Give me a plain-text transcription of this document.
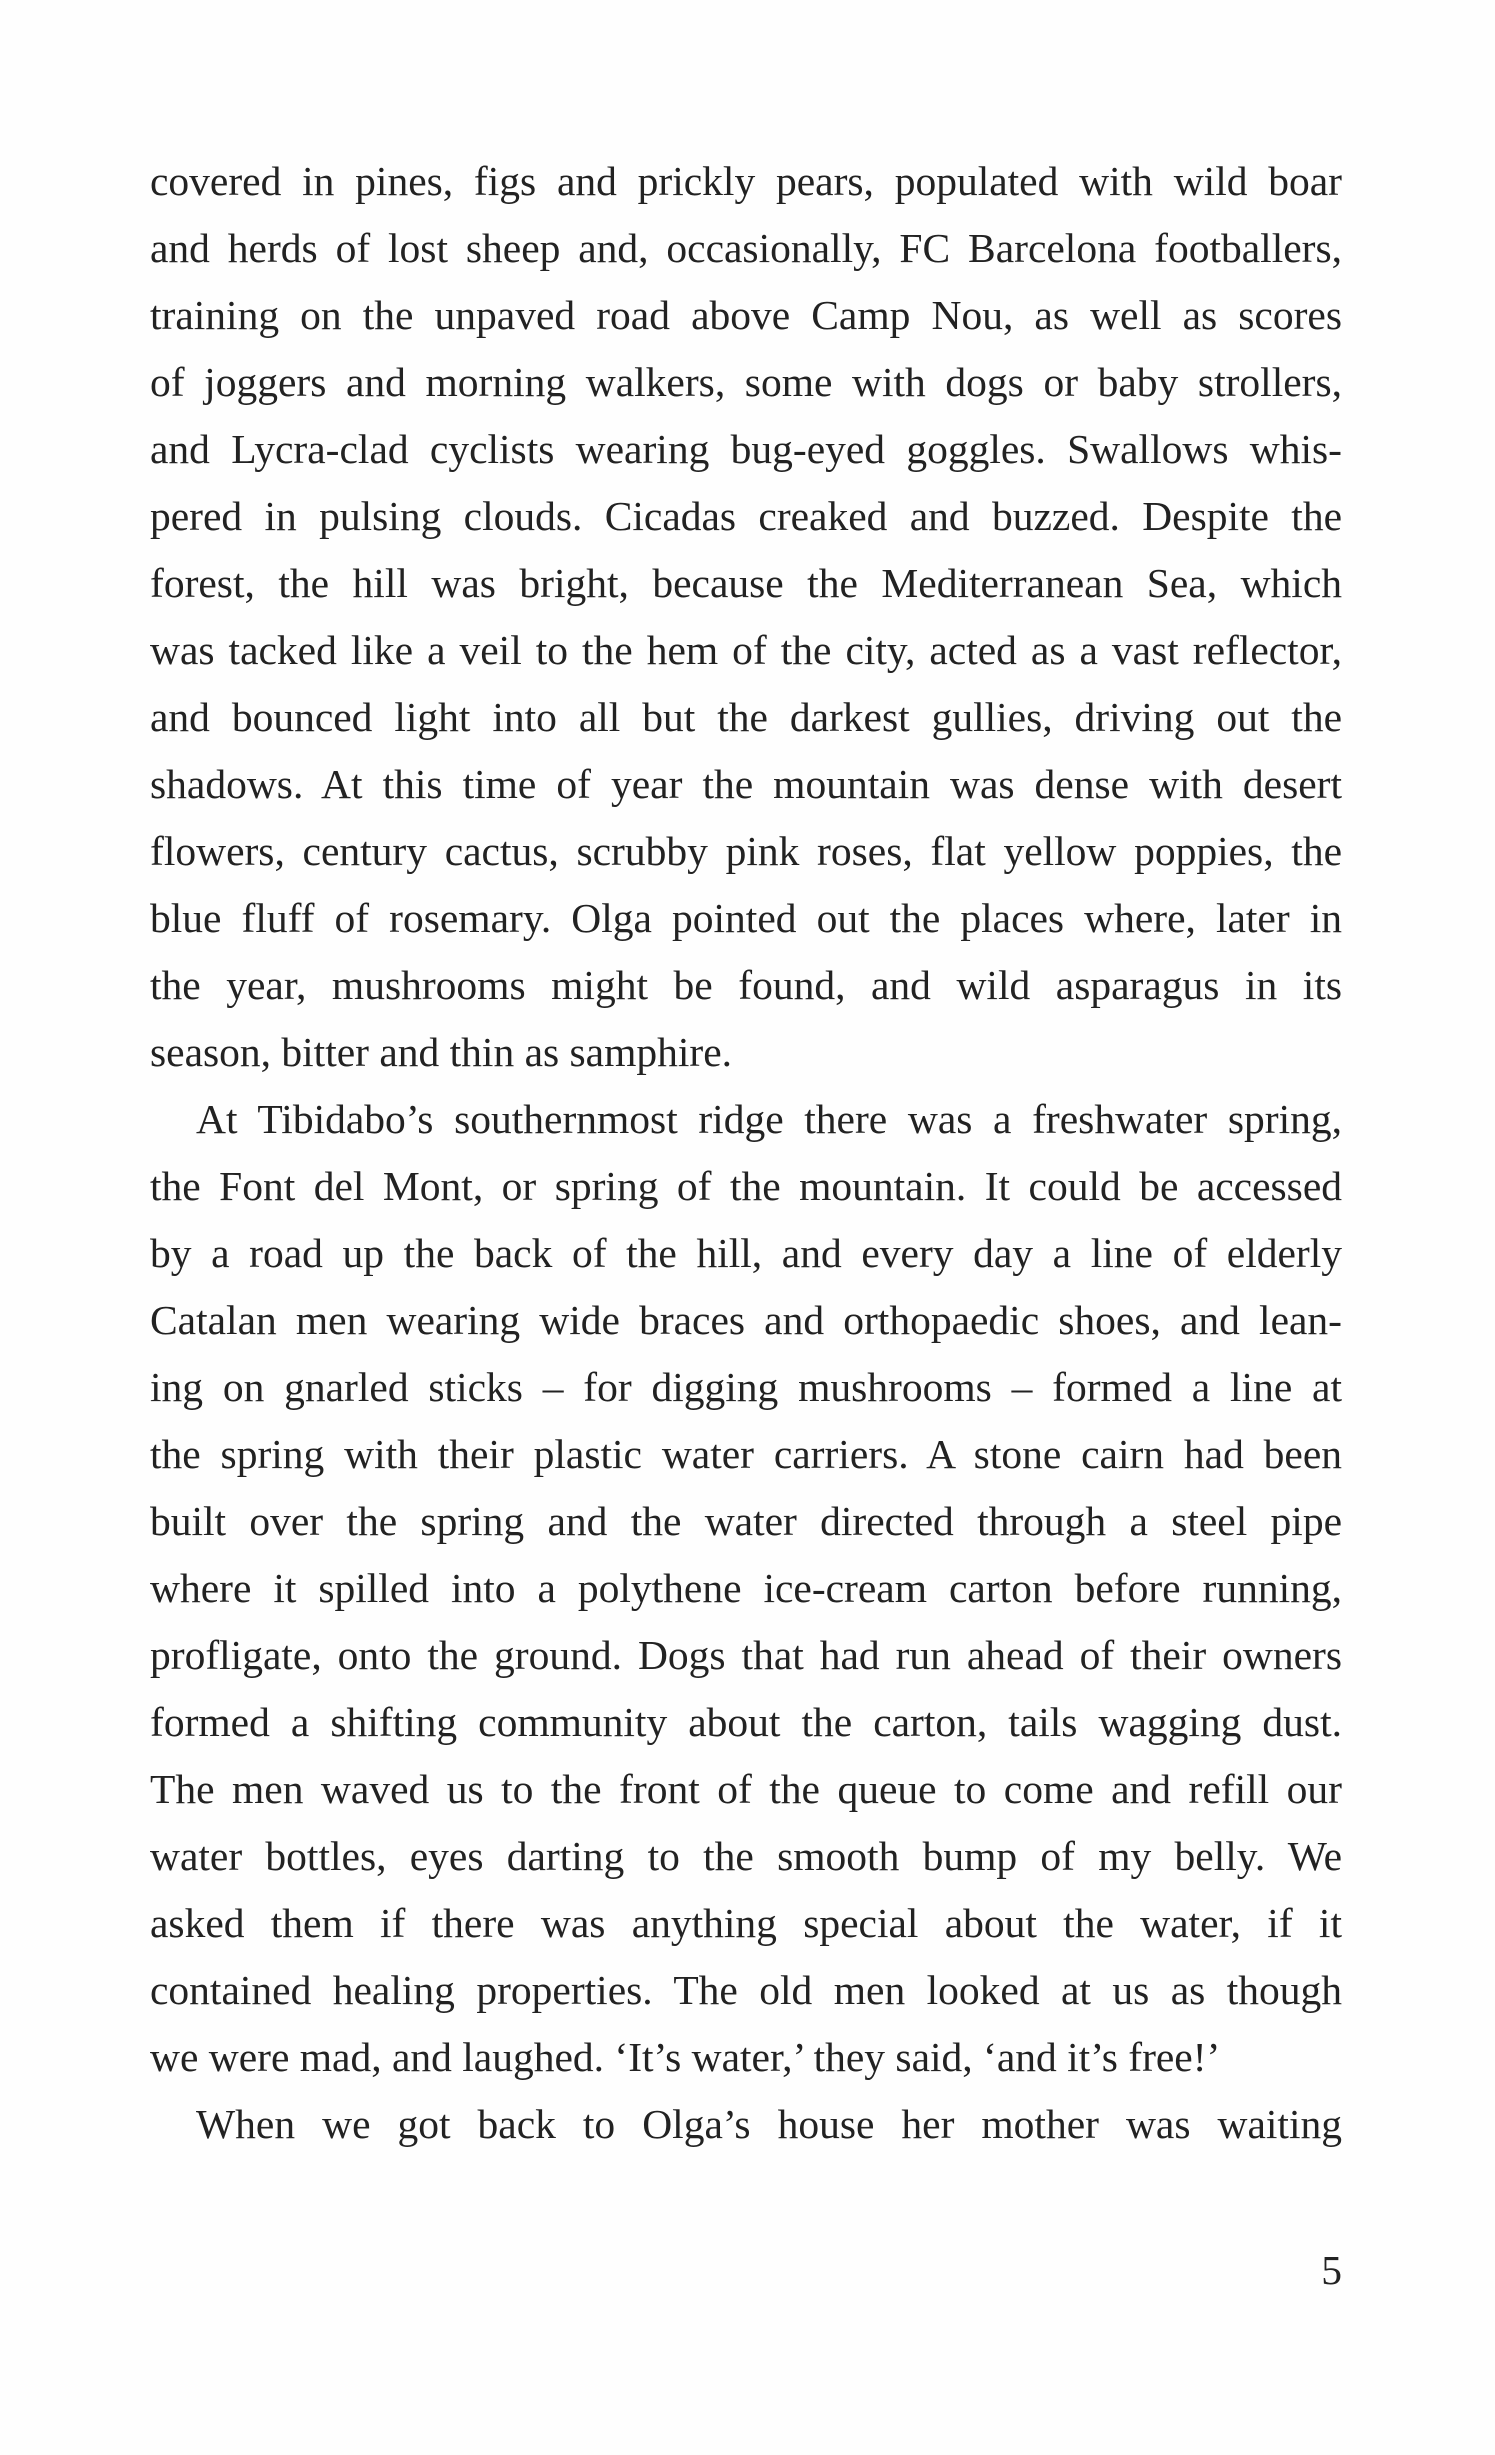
covered in pines, figs and prickly pears, populated with wild boar
and herds of lost sheep and, occasionally, FC Barcelona footballers,
training on the unpaved road above Camp Nou, as well as scores
of joggers and morning walkers, some with dogs or baby strollers,
and Lycra-clad cyclists wearing bug-eyed goggles. Swallows whis-
pered in pulsing clouds. Cicadas creaked and buzzed. Despite the
forest, the hill was bright, because the Mediterranean Sea, which
was tacked like a veil to the hem of the city, acted as a vast reflector,
and bounced light into all but the darkest gullies, driving out the
shadows. At this time of year the mountain was dense with desert
flowers, century cactus, scrubby pink roses, flat yellow poppies, the
blue fluff of rosemary. Olga pointed out the places where, later in
the year, mushrooms might be found, and wild asparagus in its
season, bitter and thin as samphire.
At Tibidabo’s southernmost ridge there was a freshwater spring,
the Font del Mont, or spring of the mountain. It could be accessed
by a road up the back of the hill, and every day a line of elderly
Catalan men wearing wide braces and orthopaedic shoes, and lean-
ing on gnarled sticks – for digging mushrooms – formed a line at
the spring with their plastic water carriers. A stone cairn had been
built over the spring and the water directed through a steel pipe
where it spilled into a polythene ice-cream carton before running,
profligate, onto the ground. Dogs that had run ahead of their owners
formed a shifting community about the carton, tails wagging dust.
The men waved us to the front of the queue to come and refill our
water bottles, eyes darting to the smooth bump of my belly. We
asked them if there was anything special about the water, if it
contained healing properties. The old men looked at us as though
we were mad, and laughed. ‘It’s water,’ they said, ‘and it’s free!’
When we got back to Olga’s house her mother was waiting
5
